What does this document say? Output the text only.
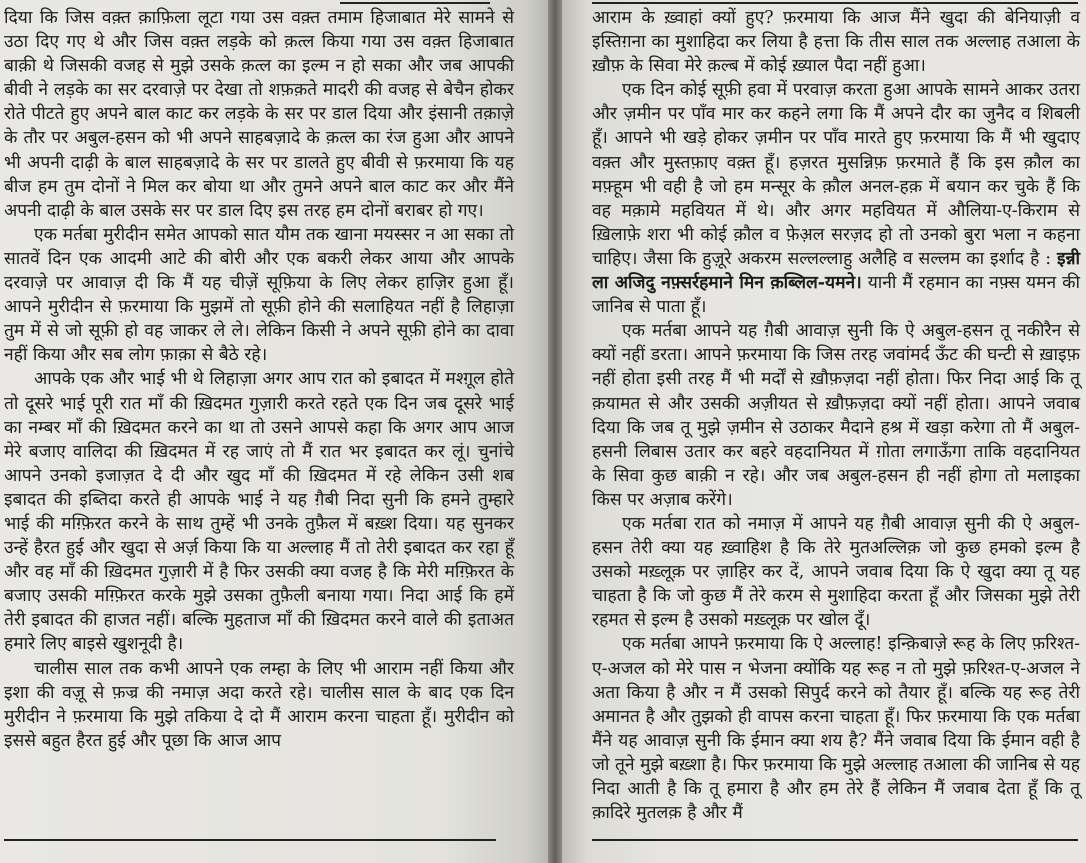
दिया कि जिस वक़्त क़ाफ़िला लूटा गया उस वक़्त तमाम हिजाबात मेरे सामने से उठा दिए गए थे और जिस वक़्त लड़के को क़त्ल किया गया उस वक़्त हिजाबात बाक़ी थे जिसकी वजह से मुझे उसके क़त्ल का इल्म न हो सका और जब आपकी बीवी ने लड़के का सर दरवाज़े पर देखा तो शफ़क़ते मादरी की वजह से बेचैन होकर रोते पीटते हुए अपने बाल काट कर लड़के के सर पर डाल दिया और इंसानी तक़ाज़े के तौर पर अबुल-हसन को भी अपने साहबज़ादे के क़त्ल का रंज हुआ और आपने भी अपनी दाढ़ी के बाल साहबज़ादे के सर पर डालते हुए बीवी से फ़रमाया कि यह बीज हम तुम दोनों ने मिल कर बोया था और तुमने अपने बाल काट कर और मैंने अपनी दाढ़ी के बाल उसके सर पर डाल दिए इस तरह हम दोनों बराबर हो गए।

एक मर्तबा मुरीदीन समेत आपको सात यौम तक खाना मयस्सर न आ सका तो सातवें दिन एक आदमी आटे की बोरी और एक बकरी लेकर आया और आपके दरवाज़े पर आवाज़ दी कि मैं यह चीज़ें सूफ़िया के लिए लेकर हाज़िर हुआ हूँ। आपने मुरीदीन से फ़रमाया कि मुझमें तो सूफ़ी होने की सलाहियत नहीं है लिहाज़ा तुम में से जो सूफ़ी हो वह जाकर ले ले। लेकिन किसी ने अपने सूफ़ी होने का दावा नहीं किया और सब लोग फ़ाक़ा से बैठे रहे।

आपके एक और भाई भी थे लिहाज़ा अगर आप रात को इबादत में मश्ग़ूल होते तो दूसरे भाई पूरी रात माँ की ख़िदमत गुज़ारी करते रहते एक दिन जब दूसरे भाई का नम्बर माँ की ख़िदमत करने का था तो उसने आपसे कहा कि अगर आप आज मेरे बजाए वालिदा की ख़िदमत में रह जाएं तो मैं रात भर इबादत कर लूं। चुनांचे आपने उनको इजाज़त दे दी और खुद माँ की ख़िदमत में रहे लेकिन उसी शब इबादत की इब्तिदा करते ही आपके भाई ने यह ग़ैबी निदा सुनी कि हमने तुम्हारे भाई की मग़्फ़िरत करने के साथ तुम्हें भी उनके तुफ़ैल में बख़्श दिया। यह सुनकर उन्हें हैरत हुई और खुदा से अर्ज़ किया कि या अल्लाह मैं तो तेरी इबादत कर रहा हूँ और वह माँ की ख़िदमत गुज़ारी में है फिर उसकी क्या वजह है कि मेरी मग़्फ़िरत के बजाए उसकी मग़्फ़िरत करके मुझे उसका तुफ़ैली बनाया गया। निदा आई कि हमें तेरी इबादत की हाजत नहीं। बल्कि मुहताज माँ की ख़िदमत करने वाले की इताअत हमारे लिए बाइसे खुशनूदी है।

चालीस साल तक कभी आपने एक लम्हा के लिए भी आराम नहीं किया और इशा की वज़ू से फ़ज्र की नमाज़ अदा करते रहे। चालीस साल के बाद एक दिन मुरीदीन ने फ़रमाया कि मुझे तकिया दे दो मैं आराम करना चाहता हूँ। मुरीदीन को इससे बहुत हैरत हुई और पूछा कि आज आप

आराम के ख़्वाहां क्यों हुए? फ़रमाया कि आज मैंने खुदा की बेनियाज़ी व इस्तिग़ना का मुशाहिदा कर लिया है हत्ता कि तीस साल तक अल्लाह तआला के ख़ौफ़ के सिवा मेरे क़ल्ब में कोई ख़्याल पैदा नहीं हुआ।

एक दिन कोई सूफ़ी हवा में परवाज़ करता हुआ आपके सामने आकर उतरा और ज़मीन पर पाँव मार कर कहने लगा कि मैं अपने दौर का जुनैद व शिबली हूँ। आपने भी खड़े होकर ज़मीन पर पाँव मारते हुए फ़रमाया कि मैं भी खुदाए वक़्त और मुस्तफ़ाए वक़्त हूँ। हज़रत मुसन्निफ़ फ़रमाते हैं कि इस क़ौल का मफ़्हूम भी वही है जो हम मन्सूर के क़ौल अनल-हक़ में बयान कर चुके हैं कि वह मक़ामे महवियत में थे। और अगर महवियत में औलिया-ए-किराम से ख़िलाफ़े शरा भी कोई क़ौल व फ़ेअ़ल सरज़द हो तो उनको बुरा भला न कहना चाहिए। जैसा कि हुज़ूरे अकरम सल्लल्लाहु अलैहि व सल्लम का इर्शाद है : इन्नी ला अजिदु नफ़्सर्रहमाने मिन क़ब्लिल-यमने। यानी मैं रहमान का नफ़्स यमन की जानिब से पाता हूँ।

एक मर्तबा आपने यह ग़ैबी आवाज़ सुनी कि ऐ अबुल-हसन तू नकीरैन से क्यों नहीं डरता। आपने फ़रमाया कि जिस तरह जवांमर्द ऊँट की घन्टी से ख़ाइफ़ नहीं होता इसी तरह मैं भी मर्दों से ख़ौफ़ज़दा नहीं होता। फिर निदा आई कि तू क़यामत से और उसकी अज़ीयत से ख़ौफ़ज़दा क्यों नहीं होता। आपने जवाब दिया कि जब तू मुझे ज़मीन से उठाकर मैदाने हश्र में खड़ा करेगा तो मैं अबुल-हसनी लिबास उतार कर बहरे वहदानियत में ग़ोता लगाऊँगा ताकि वहदानियत के सिवा कुछ बाक़ी न रहे। और जब अबुल-हसन ही नहीं होगा तो मलाइका किस पर अज़ाब करेंगे।

एक मर्तबा रात को नमाज़ में आपने यह ग़ैबी आवाज़ सुनी की ऐ अबुल-हसन तेरी क्या यह ख़्वाहिश है कि तेरे मुतअल्लिक़ जो कुछ हमको इल्म है उसको मख़्लूक़ पर ज़ाहिर कर दें, आपने जवाब दिया कि ऐ खुदा क्या तू यह चाहता है कि जो कुछ मैं तेरे करम से मुशाहिदा करता हूँ और जिसका मुझे तेरी रहमत से इल्म है उसको मख़्लूक़ पर खोल दूँ।

एक मर्तबा आपने फ़रमाया कि ऐ अल्लाह! इन्क़िबाज़े रूह के लिए फ़रिश्त-ए-अजल को मेरे पास न भेजना क्योंकि यह रूह न तो मुझे फ़रिश्त-ए-अजल ने अता किया है और न मैं उसको सिपुर्द करने को तैयार हूँ। बल्कि यह रूह तेरी अमानत है और तुझको ही वापस करना चाहता हूँ। फिर फ़रमाया कि एक मर्तबा मैंने यह आवाज़ सुनी कि ईमान क्या शय है? मैंने जवाब दिया कि ईमान वही है जो तूने मुझे बख़्शा है। फिर फ़रमाया कि मुझे अल्लाह तआला की जानिब से यह निदा आती है कि तू हमारा है और हम तेरे हैं लेकिन मैं जवाब देता हूँ कि तू क़ादिरे मुतलक़ है और मैं
